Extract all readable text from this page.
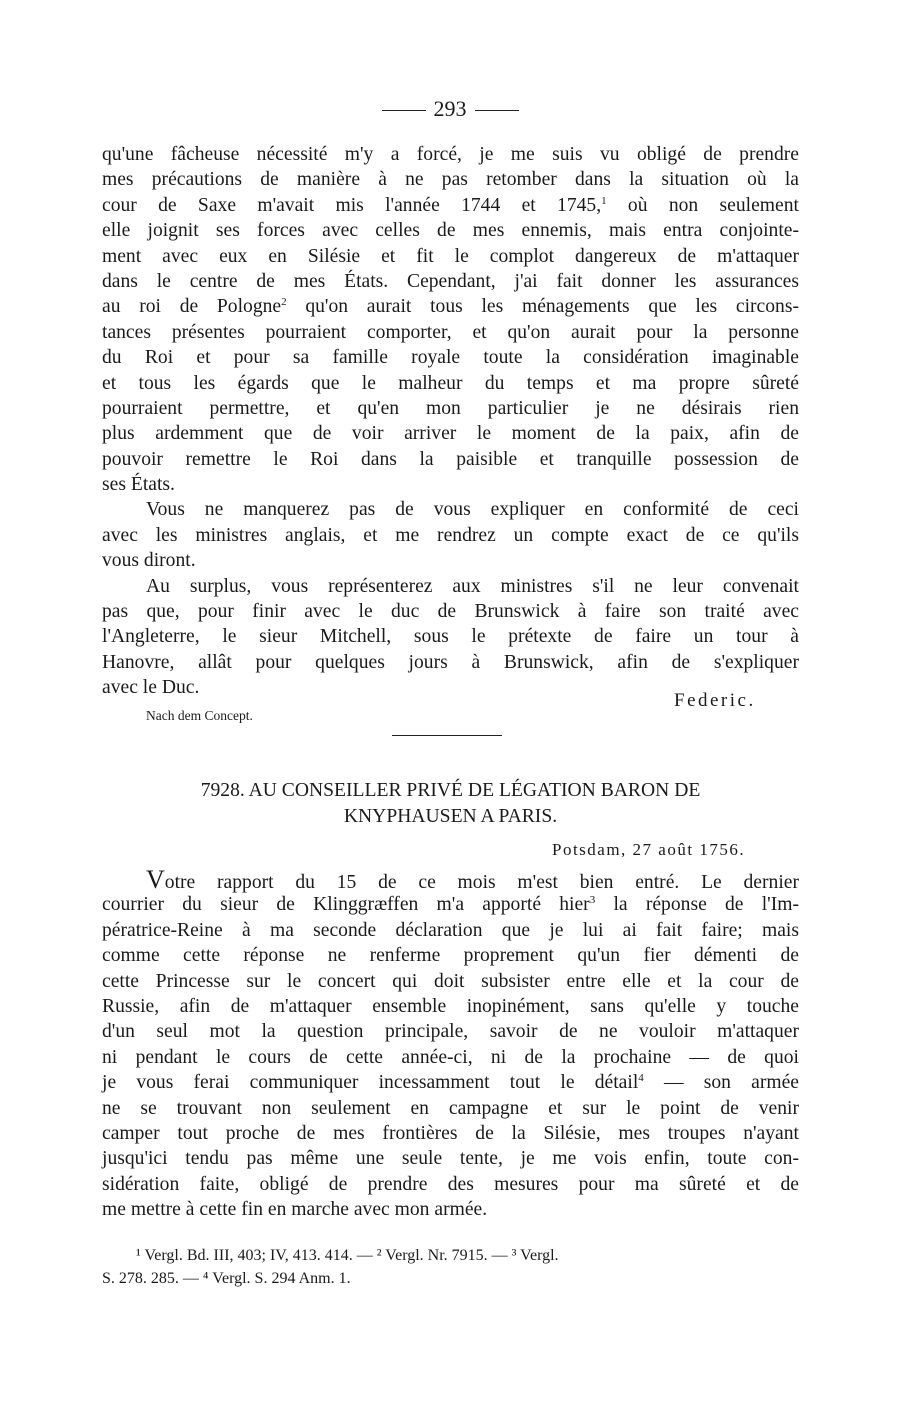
293
qu'une fâcheuse nécessité m'y a forcé, je me suis vu obligé de prendre
mes précautions de manière à ne pas retomber dans la situation où la
cour de Saxe m'avait mis l'année 1744 et 1745,$^1$ où non seulement
elle joignit ses forces avec celles de mes ennemis, mais entra conjointe-
ment avec eux en Silésie et fit le complot dangereux de m'attaquer
dans le centre de mes États. Cependant, j'ai fait donner les assurances
au roi de Pologne$^2$ qu'on aurait tous les ménagements que les circons-
tances présentes pourraient comporter, et qu'on aurait pour la personne
du Roi et pour sa famille royale toute la considération imaginable
et tous les égards que le malheur du temps et ma propre sûreté
pourraient permettre, et qu'en mon particulier je ne désirais rien
plus ardemment que de voir arriver le moment de la paix, afin de
pouvoir remettre le Roi dans la paisible et tranquille possession de
ses États.
Vous ne manquerez pas de vous expliquer en conformité de ceci
avec les ministres anglais, et me rendrez un compte exact de ce qu'ils
vous diront.
Au surplus, vous représenterez aux ministres s'il ne leur convenait
pas que, pour finir avec le duc de Brunswick à faire son traité avec
l'Angleterre, le sieur Mitchell, sous le prétexte de faire un tour à
Hanovre, allât pour quelques jours à Brunswick, afin de s'expliquer
avec le Duc.
Federic.
Nach dem Concept.
7928. AU CONSEILLER PRIVÉ DE LÉGATION BARON DE
KNYPHAUSEN A PARIS.
Potsdam, 27 août 1756.
Votre rapport du 15 de ce mois m'est bien entré. Le dernier
courrier du sieur de Klinggræffen m'a apporté hier$^3$ la réponse de l'Im-
pératrice-Reine à ma seconde déclaration que je lui ai fait faire; mais
comme cette réponse ne renferme proprement qu'un fier démenti de
cette Princesse sur le concert qui doit subsister entre elle et la cour de
Russie, afin de m'attaquer ensemble inopinément, sans qu'elle y touche
d'un seul mot la question principale, savoir de ne vouloir m'attaquer
ni pendant le cours de cette année-ci, ni de la prochaine — de quoi
je vous ferai communiquer incessamment tout le détail$^4$ — son armée
ne se trouvant non seulement en campagne et sur le point de venir
camper tout proche de mes frontières de la Silésie, mes troupes n'ayant
jusqu'ici tendu pas même une seule tente, je me vois enfin, toute con-
sidération faite, obligé de prendre des mesures pour ma sûreté et de
me mettre à cette fin en marche avec mon armée.
¹ Vergl. Bd. III, 403; IV, 413. 414. — ² Vergl. Nr. 7915. — ³ Vergl.
S. 278. 285. — ⁴ Vergl. S. 294 Anm. 1.
